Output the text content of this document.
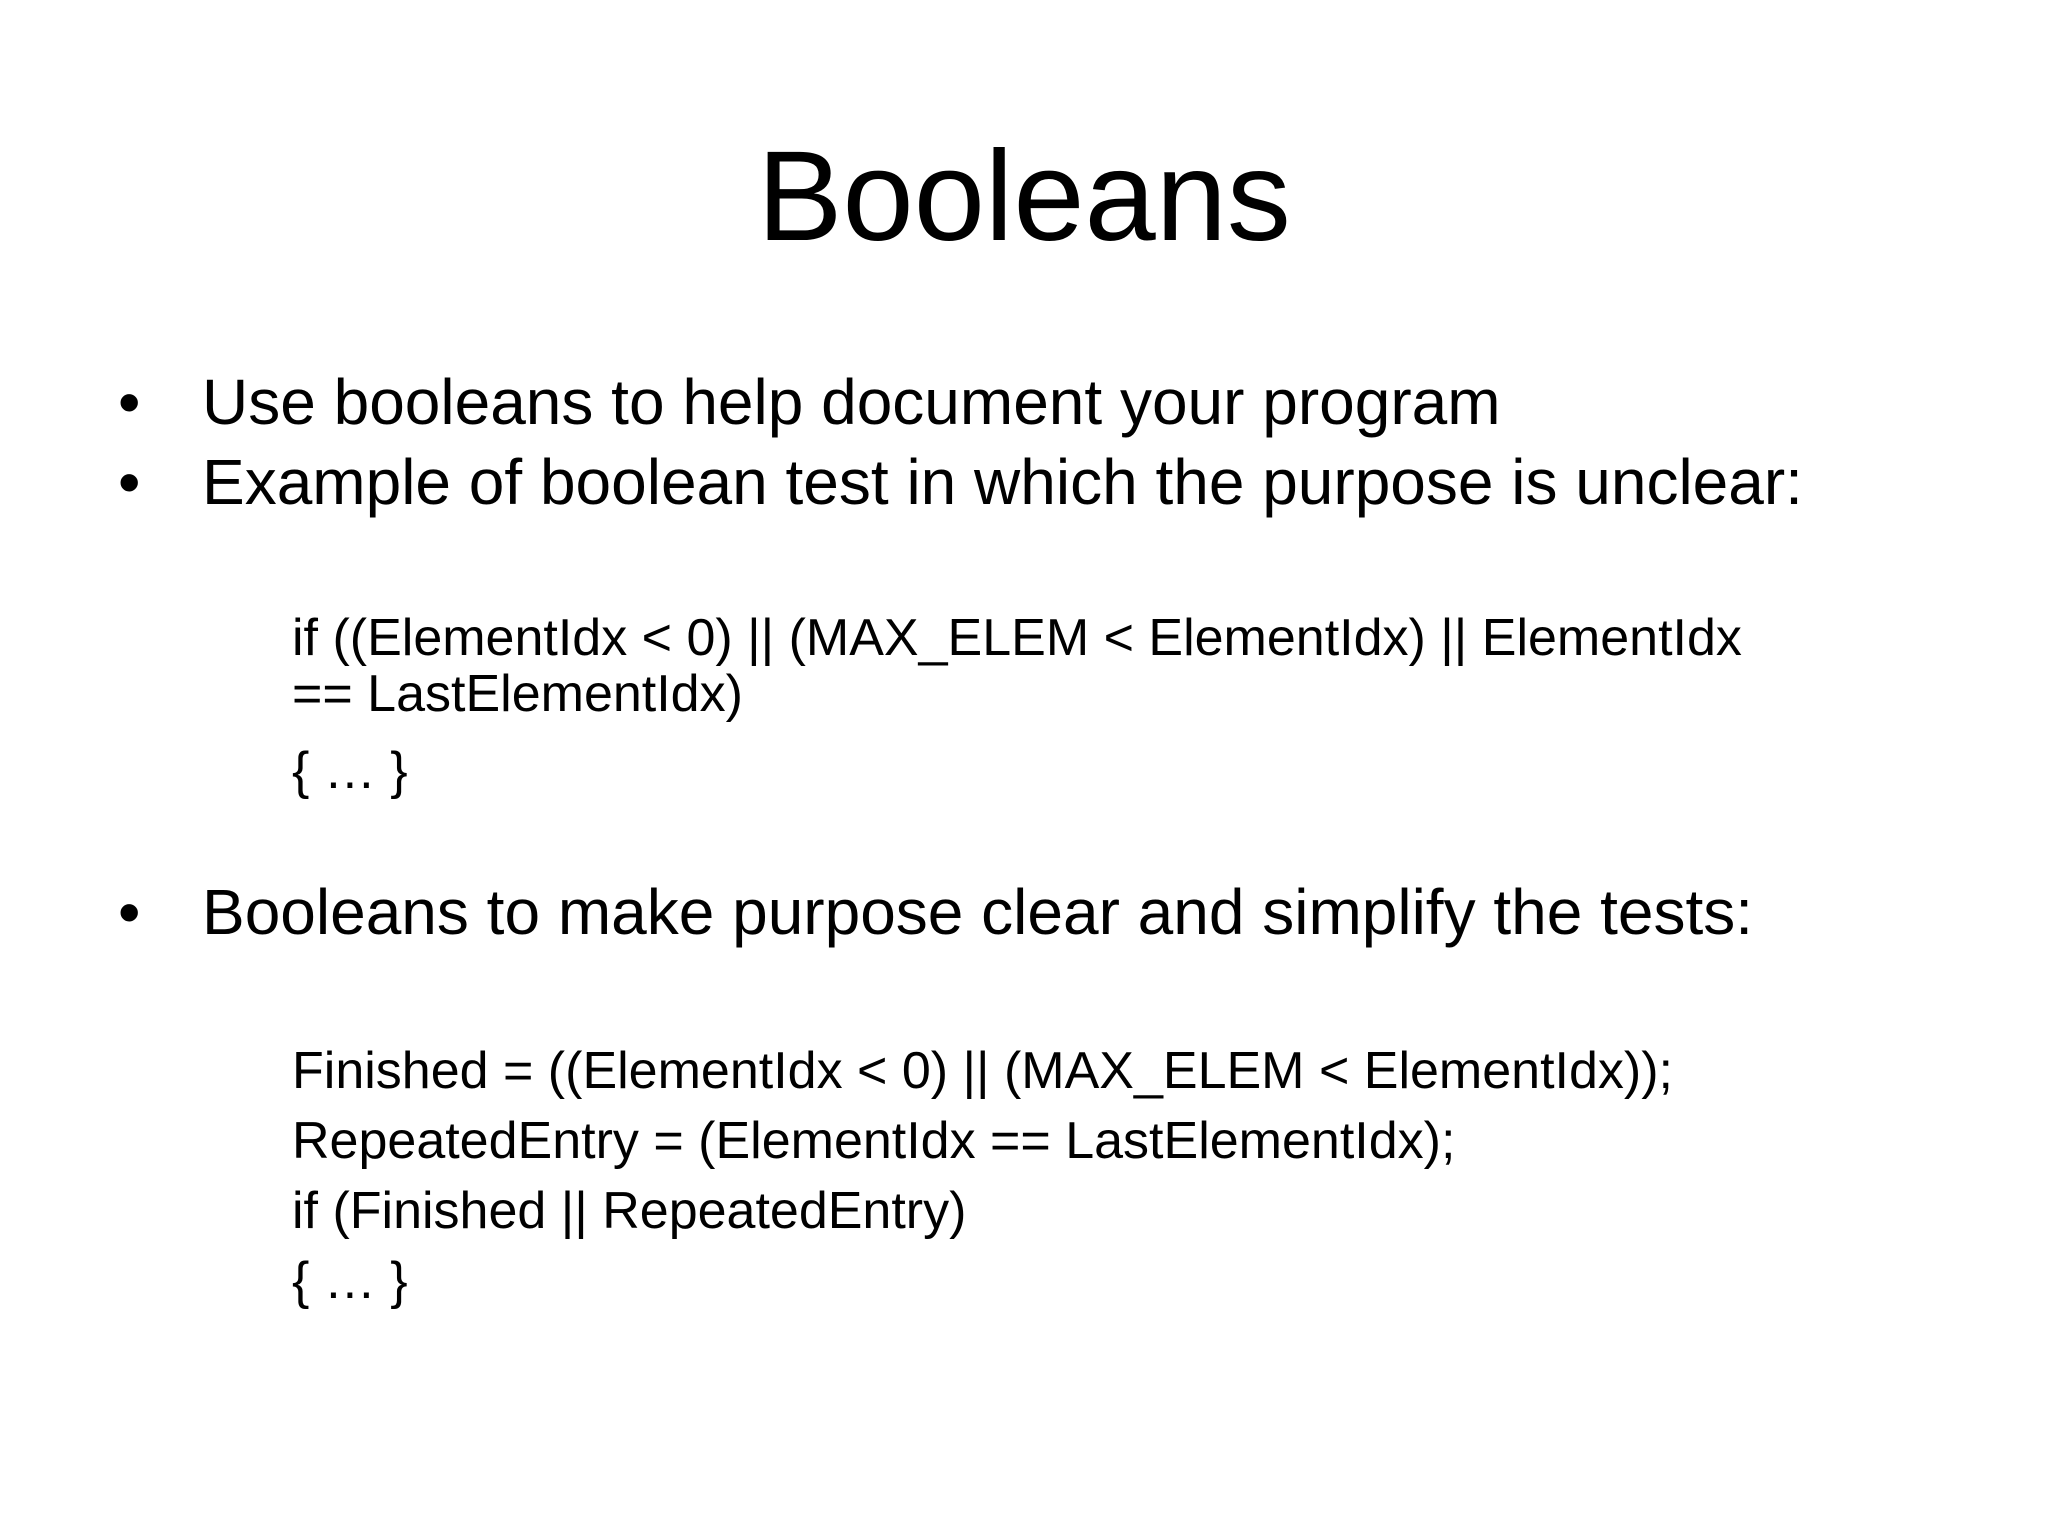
Booleans
• Use booleans to help document your program
• Example of boolean test in which the purpose is unclear:
if ((ElementIdx < 0) || (MAX_ELEM < ElementIdx) || ElementIdx
== LastElementIdx)
{ … }
• Booleans to make purpose clear and simplify the tests:
Finished = ((ElementIdx < 0) || (MAX_ELEM < ElementIdx));
RepeatedEntry = (ElementIdx == LastElementIdx);
if (Finished || RepeatedEntry)
{ … }
